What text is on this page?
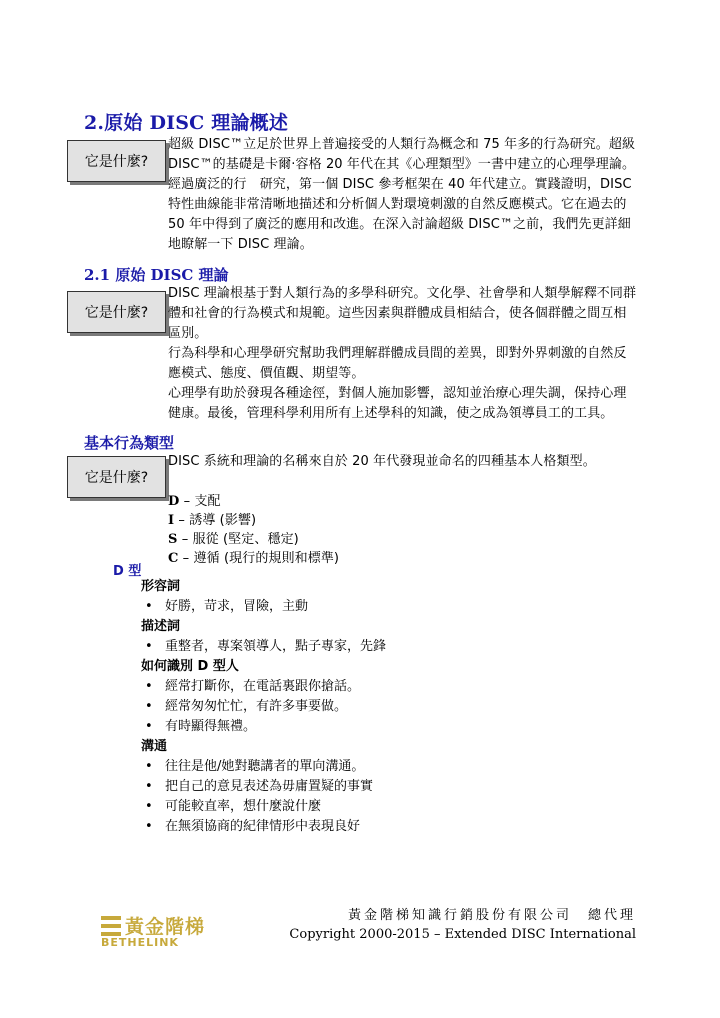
2.原始 DISC 理論概述
它是什麼?

超級 DISC™立足於世界上普遍接受的人類行為概念和 75 年多的行為研究。超級 DISC™的基礎是卡爾‧容格 20 年代在其《心理類型》一書中建立的心理學理論。經過廣泛的行　研究，第一個 DISC 參考框架在 40 年代建立。實踐證明，DISC 特性曲線能非常清晰地描述和分析個人對環境刺激的自然反應模式。它在過去的 50 年中得到了廣泛的應用和改進。在深入討論超級 DISC™之前，我們先更詳細地瞭解一下 DISC 理論。

2.1 原始 DISC 理論
它是什麼?

DISC 理論根基于對人類行為的多學科研究。文化學、社會學和人類學解釋不同群體和社會的行為模式和規範。這些因素與群體成員相結合，使各個群體之間互相區別。

行為科學和心理學研究幫助我們理解群體成員間的差異，即對外界刺激的自然反應模式、態度、價值觀、期望等。

心理學有助於發現各種途徑，對個人施加影響，認知並治療心理失調，保持心理健康。最後，管理科學利用所有上述學科的知識，使之成為領導員工的工具。

基本行為類型
它是什麼?

DISC 系統和理論的名稱來自於 20 年代發現並命名的四種基本人格類型。

D – 支配

I – 誘導 (影響)

S – 服從 (堅定、穩定)

C – 遵循 (現行的規則和標準)

D 型

形容詞

• 好勝，苛求，冒險，主動

描述詞

• 重整者，專案領導人，點子專家，先鋒

如何識別 D 型人

• 經常打斷你，在電話裏跟你搶話。
• 經常匆匆忙忙，有許多事要做。
• 有時顯得無禮。

溝通

• 往往是他/她對聽講者的單向溝通。
• 把自己的意見表述為毋庸置疑的事實
• 可能較直率，想什麼說什麼
• 在無須協商的紀律情形中表現良好
黃金階梯
BETHELINK
黃金階梯知識行銷股份有限公司　總代理
Copyright 2000-2015 – Extended DISC International
